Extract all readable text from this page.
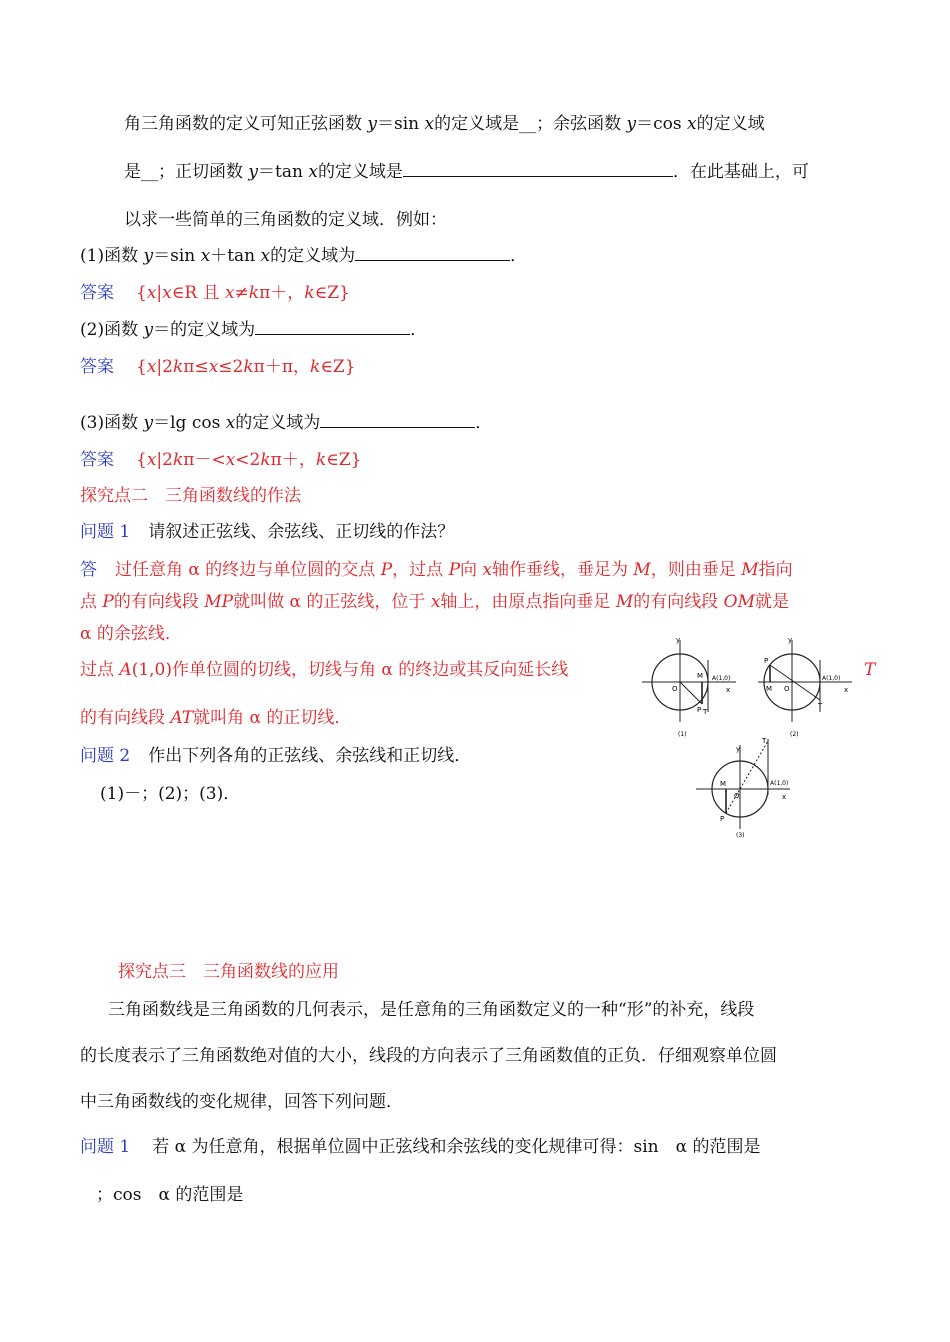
角三角函数的定义可知正弦函数 y＝sin x的定义域是__；余弦函数 y＝cos x的定义域
是__；正切函数 y＝tan x的定义域是	．在此基础上，可
以求一些简单的三角函数的定义域．例如：
(1)函数 y＝sin x＋tan x的定义域为	．
答案 {x|x∈R 且 x≠kπ＋，k∈Z}
(2)函数 y＝的定义域为	．
答案 {x|2kπ≤x≤2kπ＋π，k∈Z}
(3)函数 y＝lg cos x的定义域为	．
答案 {x|2kπ－<x<2kπ＋，k∈Z}
探究点二　三角函数线的作法
问题 1 请叙述正弦线、余弦线、正切线的作法？
答 过任意角 α 的终边与单位圆的交点 P，过点 P向 x轴作垂线，垂足为 M，则由垂足 M指向
点 P的有向线段 MP就叫做 α 的正弦线，位于 x轴上，由原点指向垂足 M的有向线段 OM就是
α 的余弦线．
过点 A(1,0)作单位圆的切线，切线与角 α 的终边或其反向延长线	T
的有向线段 AT就叫角 α 的正切线．
问题 2 作出下列各角的正弦线、余弦线和正切线．
(1)－；(2)；(3)．
y
x
O
M
P T
A(1,0)
(1)
y
x
O
M
P
T
A(1,0)
(2)
y
x
O
M
P
T
A(1,0)
(3)
探究点三　三角函数线的应用
三角函数线是三角函数的几何表示，是任意角的三角函数定义的一种“形”的补充，线段
的长度表示了三角函数绝对值的大小，线段的方向表示了三角函数值的正负．仔细观察单位圆
中三角函数线的变化规律，回答下列问题．
问题 1 若 α 为任意角，根据单位圆中正弦线和余弦线的变化规律可得：sin　α 的范围是
；cos　α 的范围是
